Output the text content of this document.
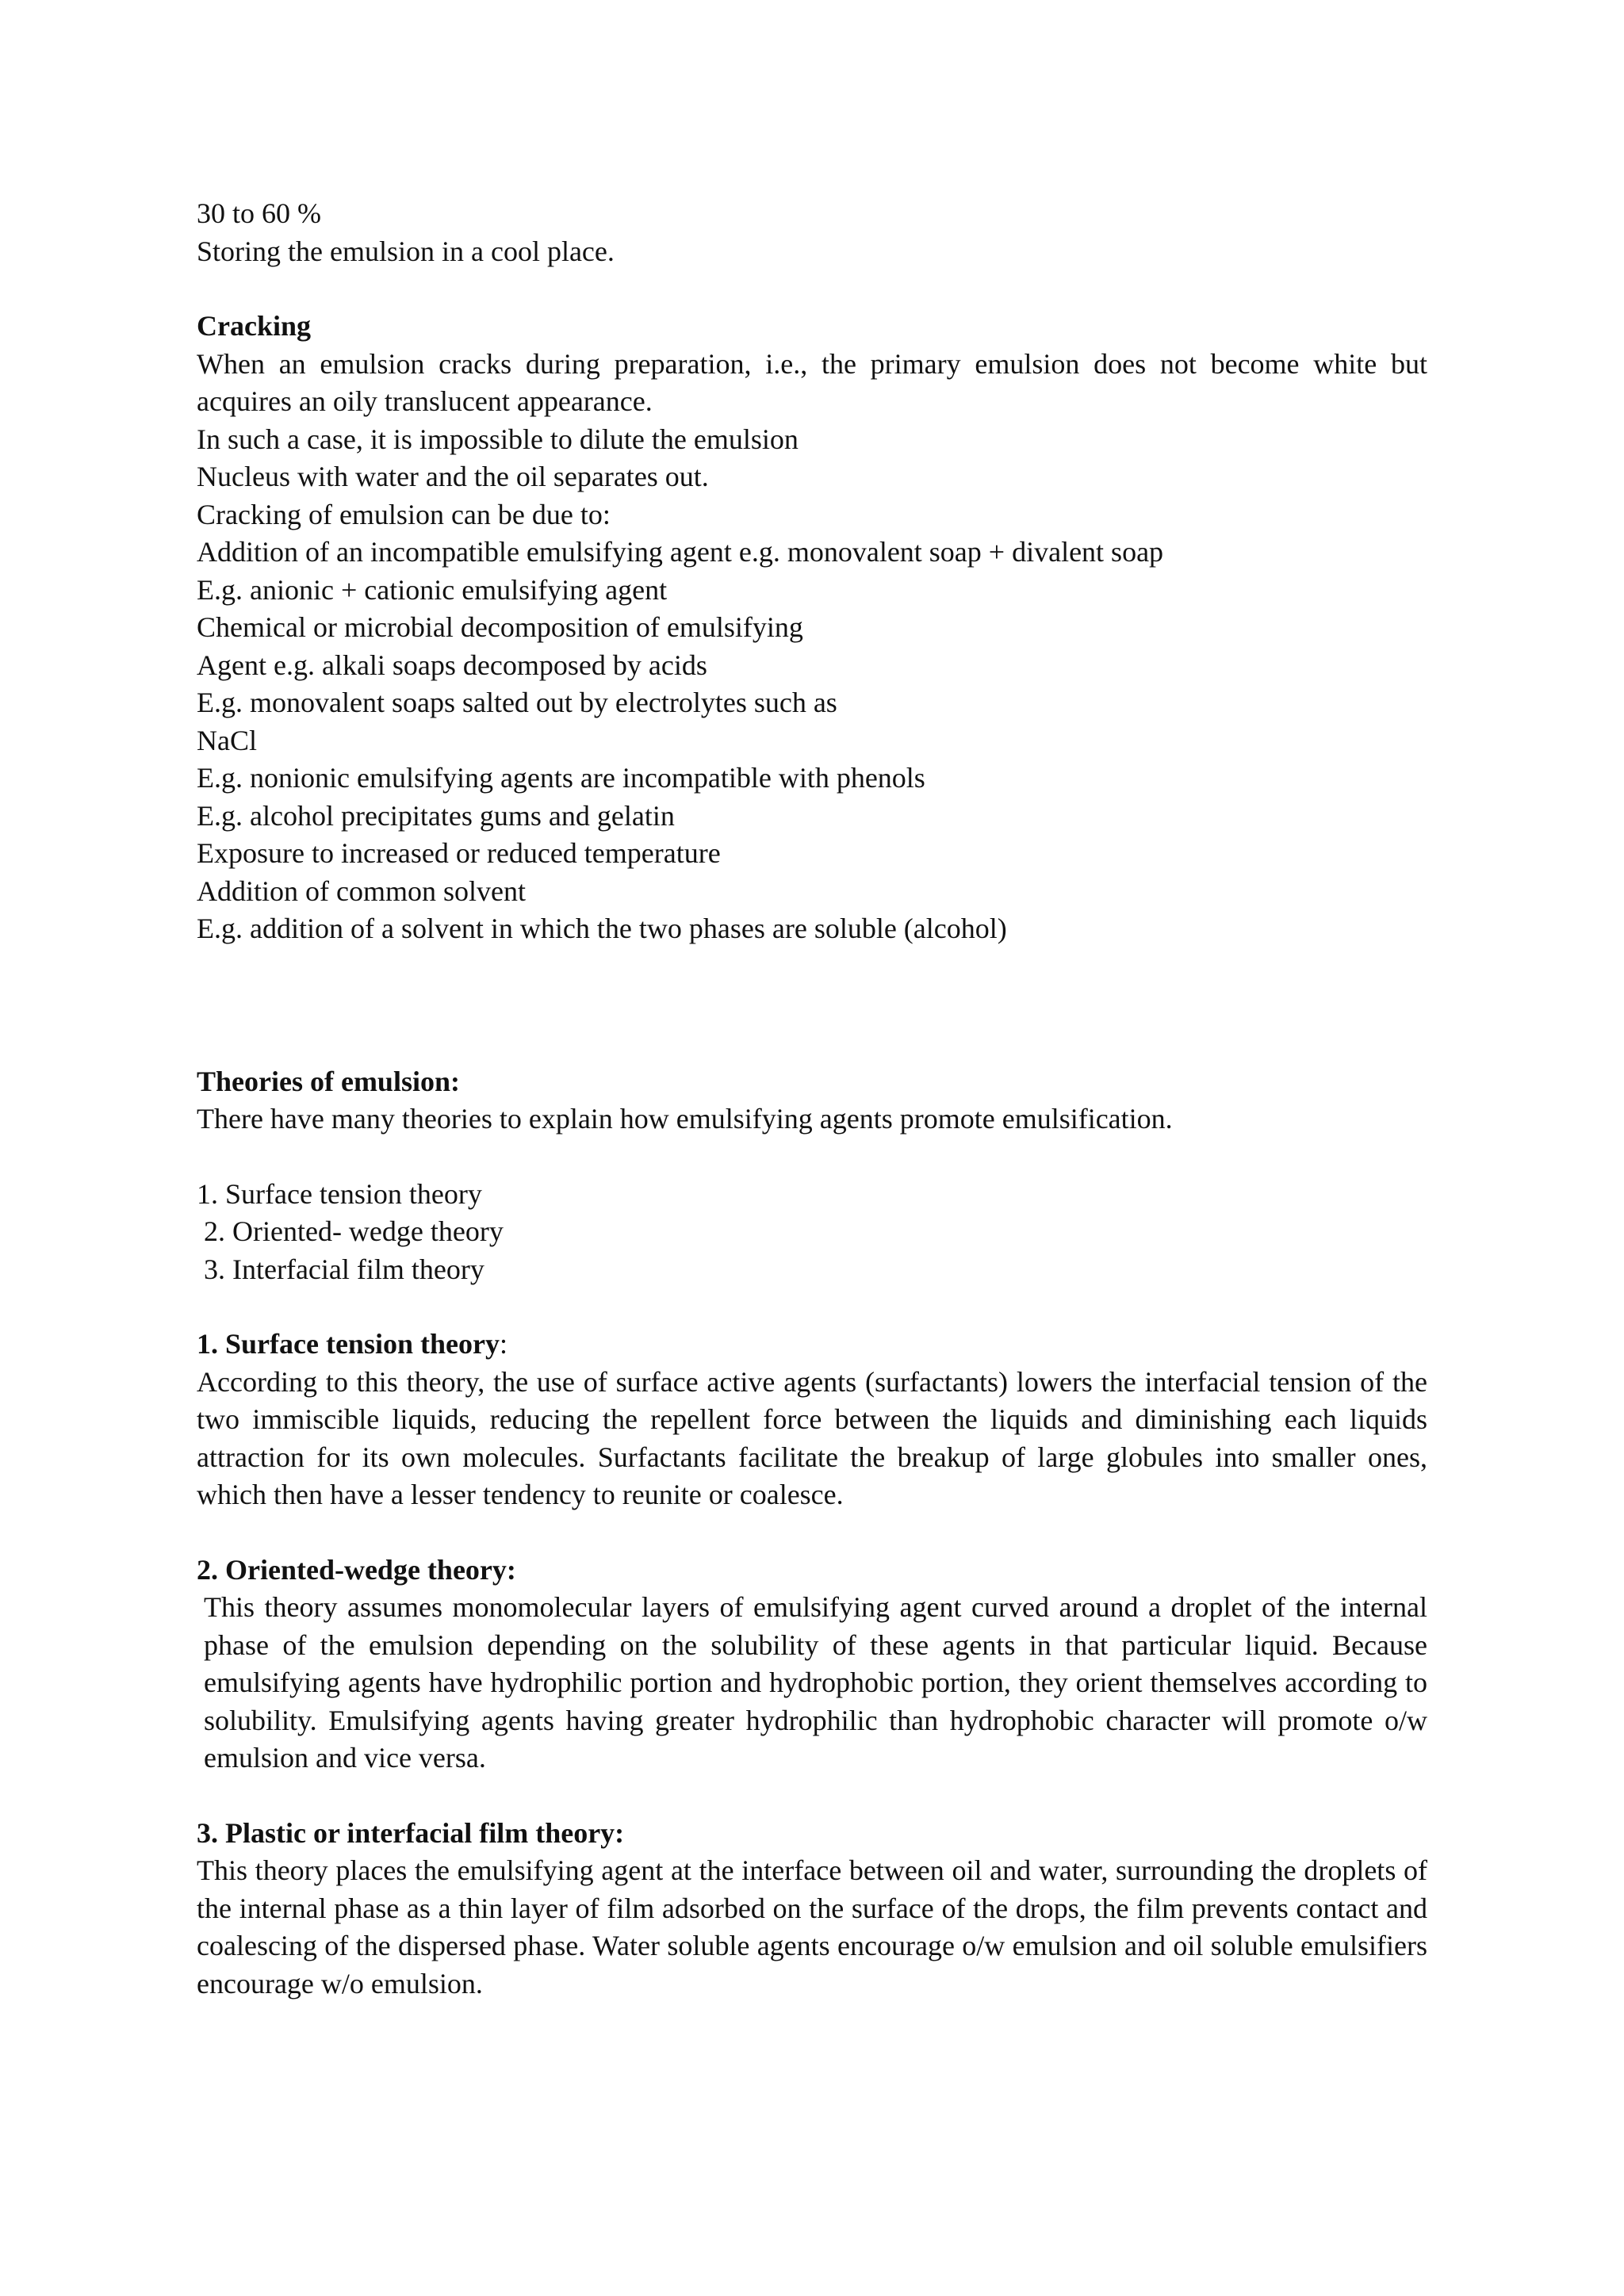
30 to 60 %

Storing the emulsion in a cool place.

Cracking

When an emulsion cracks during preparation, i.e., the primary emulsion does not become white but acquires an oily translucent appearance.

In such a case, it is impossible to dilute the emulsion

Nucleus with water and the oil separates out.

Cracking of emulsion can be due to:

Addition of an incompatible emulsifying agent e.g. monovalent soap + divalent soap

E.g. anionic + cationic emulsifying agent

Chemical or microbial decomposition of emulsifying

Agent e.g. alkali soaps decomposed by acids

E.g. monovalent soaps salted out by electrolytes such as

NaCl

E.g. nonionic emulsifying agents are incompatible with phenols

E.g. alcohol precipitates gums and gelatin

Exposure to increased or reduced temperature

Addition of common solvent

E.g. addition of a solvent in which the two phases are soluble (alcohol)

Theories of emulsion:

There have many theories to explain how emulsifying agents promote emulsification.

1. Surface tension theory

2. Oriented- wedge theory

3. Interfacial film theory

1. Surface tension theory:

According to this theory, the use of surface active agents (surfactants) lowers the interfacial tension of the two immiscible liquids, reducing the repellent force between the liquids and diminishing each liquids attraction for its own molecules. Surfactants facilitate the breakup of large globules into smaller ones, which then have a lesser tendency to reunite or coalesce.

2. Oriented-wedge theory:

This theory assumes monomolecular layers of emulsifying agent curved around a droplet of the internal phase of the emulsion depending on the solubility of these agents in that particular liquid. Because emulsifying agents have hydrophilic portion and hydrophobic portion, they orient themselves according to solubility. Emulsifying agents having greater hydrophilic than hydrophobic character will promote o/w emulsion and vice versa.

3. Plastic or interfacial film theory:

This theory places the emulsifying agent at the interface between oil and water, surrounding the droplets of the internal phase as a thin layer of film adsorbed on the surface of the drops, the film prevents contact and coalescing of the dispersed phase. Water soluble agents encourage o/w emulsion and oil soluble emulsifiers encourage w/o emulsion.
